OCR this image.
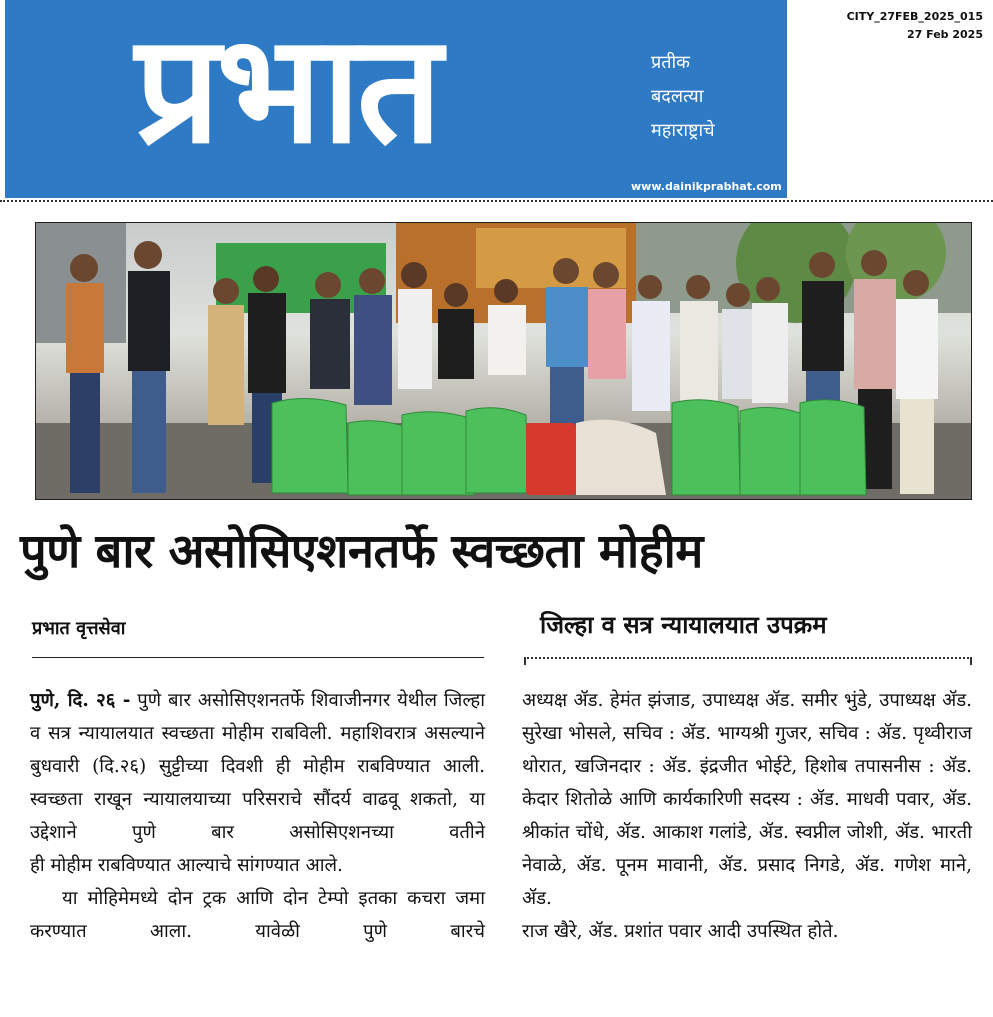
प्रभात	प्रतीक
बदलत्या
महाराष्ट्राचे
www.dainikprabhat.com
CITY_27FEB_2025_015
27 Feb 2025
पुणे बार असोसिएशनतर्फे स्वच्छता मोहीम
प्रभात वृत्तसेवा	जिल्हा व सत्र न्यायालयात उपक्रम

पुणे, दि. २६ - पुणे बार असोसिएशनतर्फे शिवाजीनगर येथील जिल्हा व सत्र न्यायालयात स्वच्छता मोहीम राबविली. महाशिवरात्र असल्याने बुधवारी (दि.२६) सुट्टीच्या दिवशी ही मोहीम राबविण्यात आली. स्वच्छता राखून न्यायालयाच्या परिसराचे सौंदर्य वाढवू शकतो, या उद्देशाने पुणे बार असोसिएशनच्या वतीने

ही मोहीम राबविण्यात आल्याचे सांगण्यात आले.

या मोहिमेमध्ये दोन ट्रक आणि दोन टेम्पो इतका कचरा जमा करण्यात आला. यावेळी पुणे बारचे

अध्यक्ष ॲड. हेमंत झंजाड, उपाध्यक्ष ॲड. समीर भुंडे, उपाध्यक्ष ॲड. सुरेखा भोसले, सचिव : ॲड. भाग्यश्री गुजर, सचिव : ॲड. पृथ्वीराज थोरात, खजिनदार : ॲड. इंद्रजीत भोईटे, हिशोब तपासनीस : ॲड. केदार शितोळे आणि कार्यकारिणी सदस्य : ॲड. माधवी पवार, ॲड. श्रीकांत चोंधे, ॲड. आकाश गलांडे, ॲड. स्वप्नील जोशी, ॲड. भारती नेवाळे, ॲड. पूनम मावानी, ॲड. प्रसाद निगडे, ॲड. गणेश माने, ॲड.

राज खैरे, ॲड. प्रशांत पवार आदी उपस्थित होते.
